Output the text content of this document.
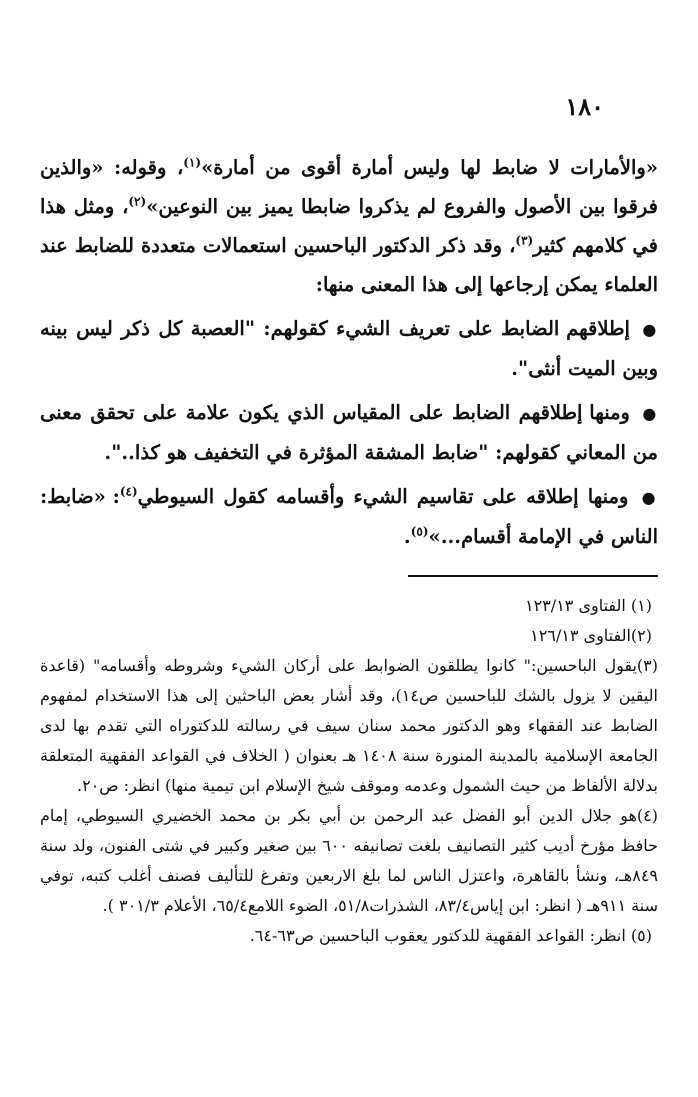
١٨٠

«والأمارات لا ضابط لها وليس أمارة أقوى من أمارة»$^{(١)}$، وقوله: «والذين فرقوا بين الأصول والفروع لم يذكروا ضابطا يميز بين النوعين»$^{(٢)}$، ومثل هذا في كلامهم كثير$^{(٣)}$، وقد ذكر الدكتور الباحسين استعمالات متعددة للضابط عند العلماء يمكن إرجاعها إلى هذا المعنى منها:

● إطلاقهم الضابط على تعريف الشيء كقولهم: "العصبة كل ذكر ليس بينه وبين الميت أنثى".

● ومنها إطلاقهم الضابط على المقياس الذي يكون علامة على تحقق معنى من المعاني كقولهم: "ضابط المشقة المؤثرة في التخفيف هو كذا..".

● ومنها إطلاقه على تقاسيم الشيء وأقسامه كقول السيوطي$^{(٤)}$: «ضابط: الناس في الإمامة أقسام...»$^{(٥)}$.

(١) الفتاوى ١٢٣/١٣

(٢)الفتاوى ١٢٦/١٣

(٣)يقول الباحسين:" كانوا يطلقون الضوابط على أركان الشيء وشروطه وأقسامه" (قاعدة اليقين لا يزول بالشك للباحسين ص١٤)، وقد أشار بعض الباحثين إلى هذا الاستخدام لمفهوم الضابط عند الفقهاء وهو الدكتور محمد سنان سيف في رسالته للدكتوراه التي تقدم بها لدى الجامعة الإسلامية بالمدينة المنورة سنة ١٤٠٨ هـ بعنوان ( الخلاف في القواعد الفقهية المتعلقة بدلالة الألفاظ من حيث الشمول وعدمه وموقف شيخ الإسلام ابن تيمية منها) انظر: ص٢٠.

(٤)هو جلال الدين أبو الفضل عبد الرحمن بن أبي بكر بن محمد الخضيري السيوطي، إمام حافظ مؤرخ أديب كثير التصانيف بلغت تصانيفه ٦٠٠ بين صغير وكبير في شتى الفنون، ولد سنة ٨٤٩هـ، ونشأ بالقاهرة، واعتزل الناس لما بلغ الاربعين وتفرغ للتأليف فصنف أغلب كتبه، توفي سنة ٩١١هـ ( انظر: ابن إياس٨٣/٤، الشذرات٥١/٨، الضوء اللامع٦٥/٤، الأعلام ٣٠١/٣ ).

(٥) انظر: القواعد الفقهية للدكتور يعقوب الباحسين ص٦٣-٦٤.
